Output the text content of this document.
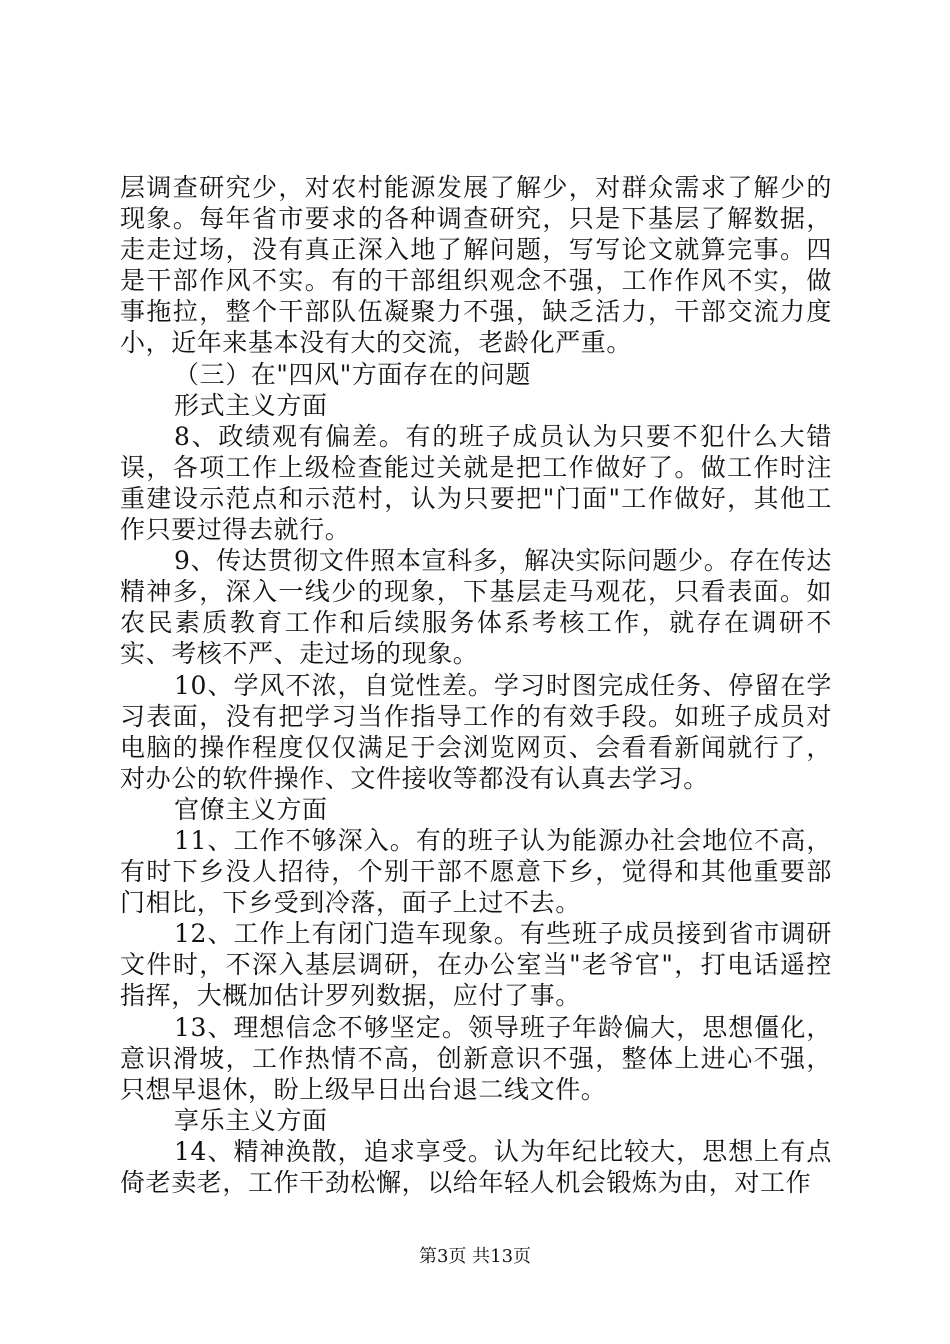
层调查研究少，对农村能源发展了解少，对群众需求了解少的现象。每年省市要求的各种调查研究，只是下基层了解数据，走走过场，没有真正深入地了解问题，写写论文就算完事。四是干部作风不实。有的干部组织观念不强，工作作风不实，做事拖拉，整个干部队伍凝聚力不强，缺乏活力，干部交流力度小，近年来基本没有大的交流，老龄化严重。

（三）在"四风"方面存在的问题

形式主义方面

8、政绩观有偏差。有的班子成员认为只要不犯什么大错误，各项工作上级检查能过关就是把工作做好了。做工作时注重建设示范点和示范村，认为只要把"门面"工作做好，其他工作只要过得去就行。

9、传达贯彻文件照本宣科多，解决实际问题少。存在传达精神多，深入一线少的现象，下基层走马观花，只看表面。如农民素质教育工作和后续服务体系考核工作，就存在调研不实、考核不严、走过场的现象。

10、学风不浓，自觉性差。学习时图完成任务、停留在学习表面，没有把学习当作指导工作的有效手段。如班子成员对电脑的操作程度仅仅满足于会浏览网页、会看看新闻就行了，对办公的软件操作、文件接收等都没有认真去学习。

官僚主义方面

11、工作不够深入。有的班子认为能源办社会地位不高，有时下乡没人招待，个别干部不愿意下乡，觉得和其他重要部门相比，下乡受到冷落，面子上过不去。

12、工作上有闭门造车现象。有些班子成员接到省市调研文件时，不深入基层调研，在办公室当"老爷官"，打电话遥控指挥，大概加估计罗列数据，应付了事。

13、理想信念不够坚定。领导班子年龄偏大，思想僵化，意识滑坡，工作热情不高，创新意识不强，整体上进心不强，只想早退休，盼上级早日出台退二线文件。

享乐主义方面

14、精神涣散，追求享受。认为年纪比较大，思想上有点倚老卖老，工作干劲松懈，以给年轻人机会锻炼为由，对工作

第3页 共13页
